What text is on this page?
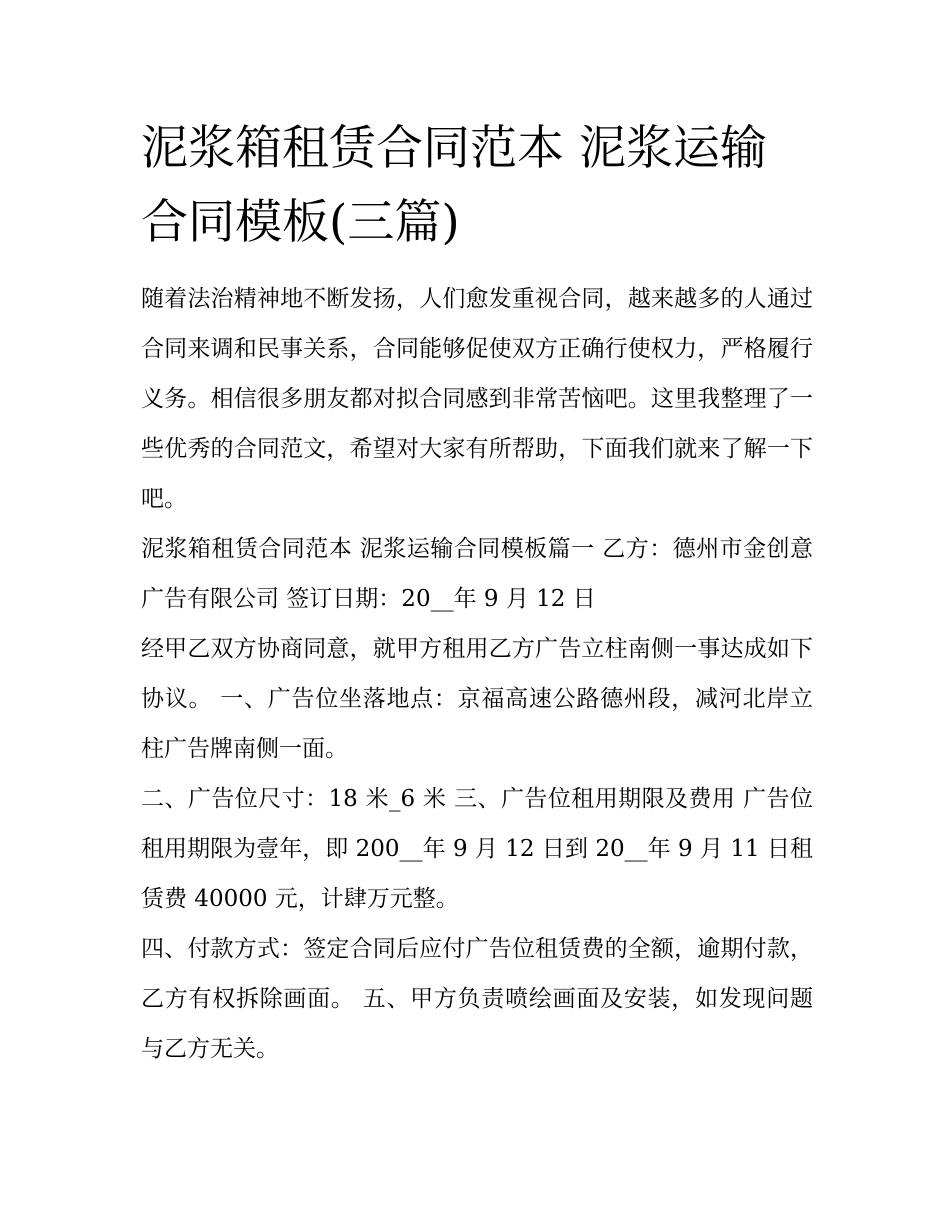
泥浆箱租赁合同范本 泥浆运输合同模板(三篇)

随着法治精神地不断发扬，人们愈发重视合同，越来越多的人通过合同来调和民事关系，合同能够促使双方正确行使权力，严格履行义务。相信很多朋友都对拟合同感到非常苦恼吧。这里我整理了一些优秀的合同范文，希望对大家有所帮助，下面我们就来了解一下吧。

泥浆箱租赁合同范本 泥浆运输合同模板篇一 乙方：德州市金创意广告有限公司 签订日期：20__年 9 月 12 日

经甲乙双方协商同意，就甲方租用乙方广告立柱南侧一事达成如下协议。 一、广告位坐落地点：京福高速公路德州段，减河北岸立柱广告牌南侧一面。

二、广告位尺寸：18 米_6 米 三、广告位租用期限及费用 广告位租用期限为壹年，即 200__年 9 月 12 日到 20__年 9 月 11 日租赁费 40000 元，计肆万元整。

四、付款方式：签定合同后应付广告位租赁费的全额，逾期付款，乙方有权拆除画面。 五、甲方负责喷绘画面及安装，如发现问题与乙方无关。
